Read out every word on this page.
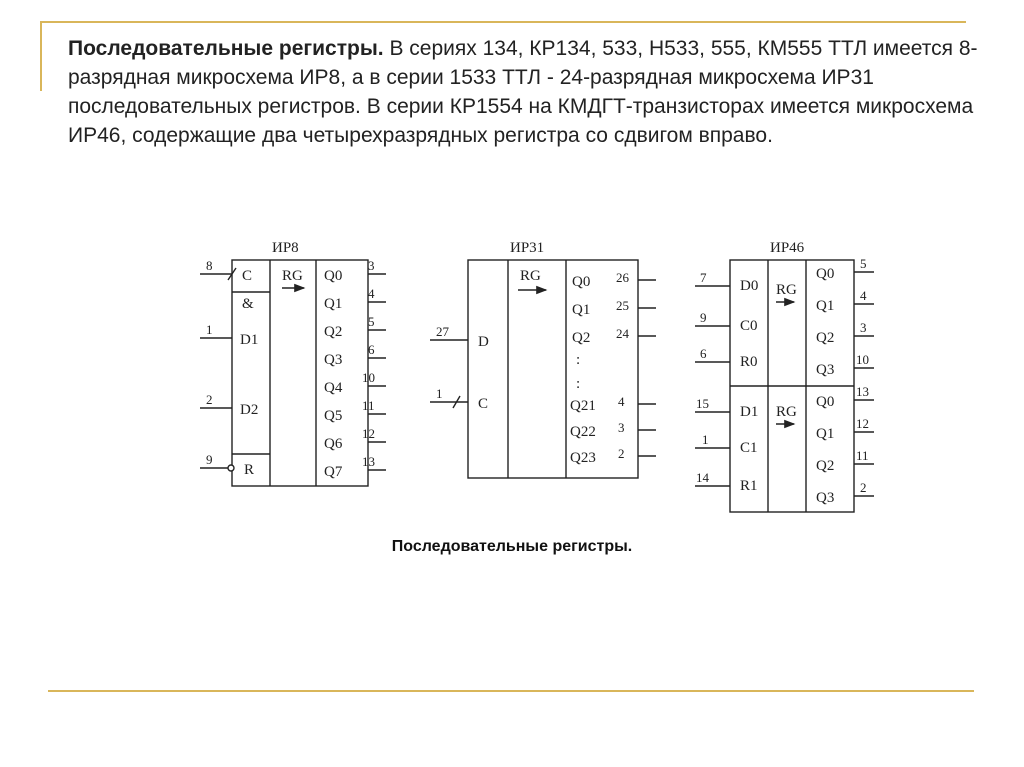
Последовательные регистры. В сериях 134, КР134, 533, Н533, 555, КМ555 ТТЛ имеется 8-разрядная микросхема ИР8, а в серии 1533 ТТЛ - 24-разрядная микросхема ИР31 последовательных регистров. В серии КР1554 на КМДГТ-транзисторах имеется микросхема ИР46, содержащие два четырехразрядных регистра со сдвигом вправо.

ИР8
RG
8
C
&
1
D1
2
D2
9
R
Q0
Q1
Q2
Q3
Q4
Q5
Q6
Q7
3
4
5
6
10
11
12
13
ИР31
RG
27
D
1
C
Q0
Q1
Q2
:
:
Q21
Q22
Q23
26
25
24
4
3
2
ИР46
RG
RG
7
D0
9
C0
6
R0
15
D1
1
C1
14
R1
Q0
Q1
Q2
Q3
Q0
Q1
Q2
Q3
5
4
3
10
13
12
11
2
Последовательные регистры.
